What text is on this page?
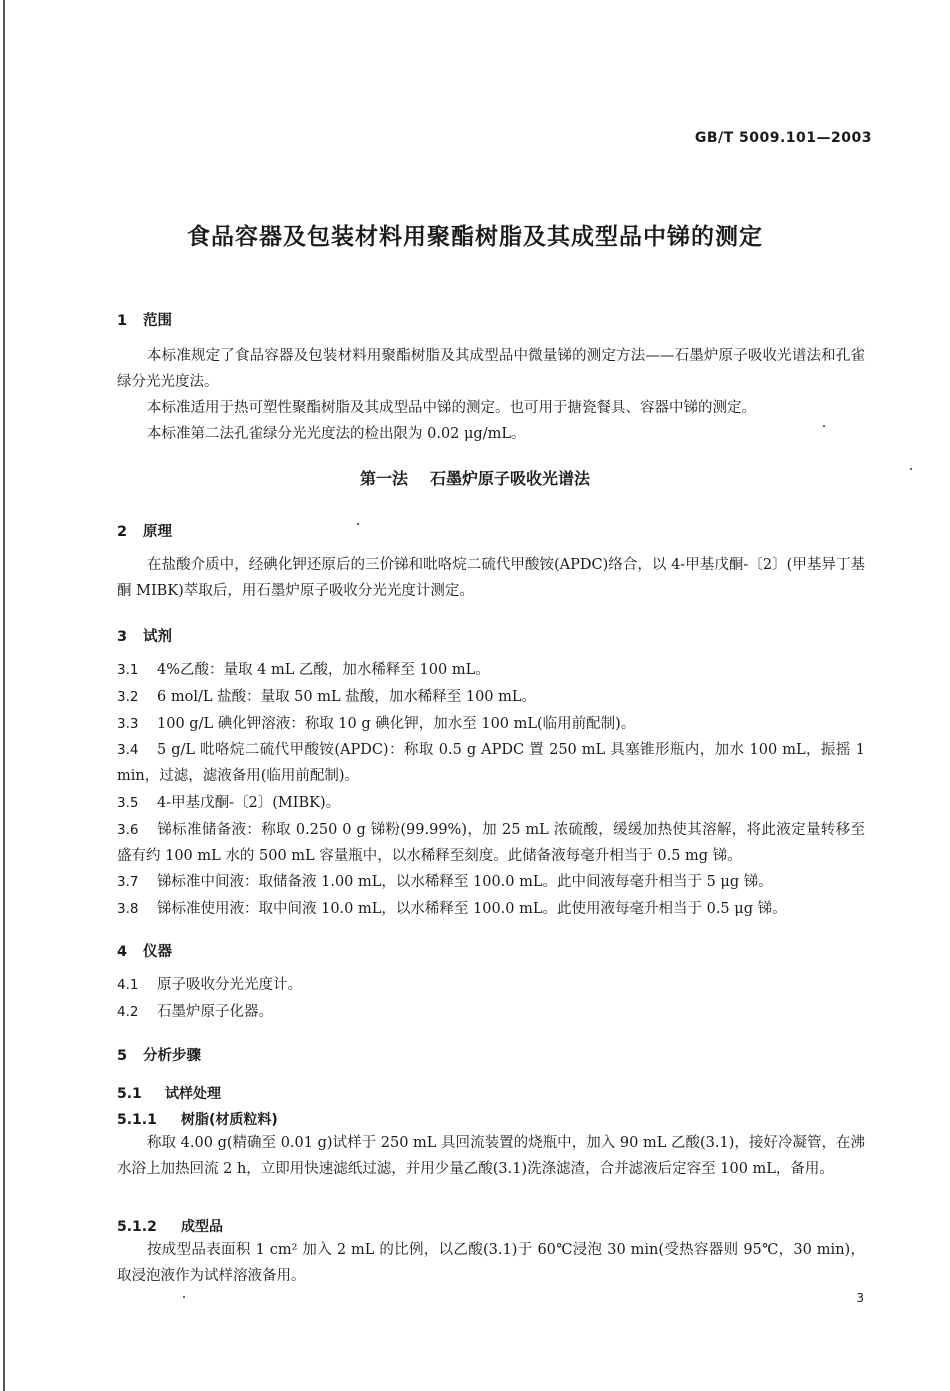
GB/T 5009.101—2003
食品容器及包装材料用聚酯树脂及其成型品中锑的测定
1 范围
本标准规定了食品容器及包装材料用聚酯树脂及其成型品中微量锑的测定方法——石墨炉原子吸收光谱法和孔雀绿分光光度法。
本标准适用于热可塑性聚酯树脂及其成型品中锑的测定。也可用于搪瓷餐具、容器中锑的测定。
本标准第二法孔雀绿分光光度法的检出限为 0.02 μg/mL。
第一法 石墨炉原子吸收光谱法
2 原理
在盐酸介质中，经碘化钾还原后的三价锑和吡咯烷二硫代甲酸铵(APDC)络合，以 4-甲基戊酮-〔2〕(甲基异丁基酮 MIBK)萃取后，用石墨炉原子吸收分光光度计测定。
3 试剂
3.1 4%乙酸：量取 4 mL 乙酸，加水稀释至 100 mL。
3.2 6 mol/L 盐酸：量取 50 mL 盐酸，加水稀释至 100 mL。
3.3 100 g/L 碘化钾溶液：称取 10 g 碘化钾，加水至 100 mL(临用前配制)。
3.4 5 g/L 吡咯烷二硫代甲酸铵(APDC)：称取 0.5 g APDC 置 250 mL 具塞锥形瓶内，加水 100 mL，振摇 1 min，过滤，滤液备用(临用前配制)。
3.5 4-甲基戊酮-〔2〕(MIBK)。
3.6 锑标准储备液：称取 0.250 0 g 锑粉(99.99%)，加 25 mL 浓硫酸，缓缓加热使其溶解，将此液定量转移至盛有约 100 mL 水的 500 mL 容量瓶中，以水稀释至刻度。此储备液每毫升相当于 0.5 mg 锑。
3.7 锑标准中间液：取储备液 1.00 mL，以水稀释至 100.0 mL。此中间液每毫升相当于 5 μg 锑。
3.8 锑标准使用液：取中间液 10.0 mL，以水稀释至 100.0 mL。此使用液每毫升相当于 0.5 μg 锑。
4 仪器
4.1 原子吸收分光光度计。
4.2 石墨炉原子化器。
5 分析步骤
5.1 试样处理
5.1.1 树脂(材质粒料)
称取 4.00 g(精确至 0.01 g)试样于 250 mL 具回流装置的烧瓶中，加入 90 mL 乙酸(3.1)，接好冷凝管，在沸水浴上加热回流 2 h，立即用快速滤纸过滤，并用少量乙酸(3.1)洗涤滤渣，合并滤液后定容至 100 mL，备用。
5.1.2 成型品
按成型品表面积 1 cm² 加入 2 mL 的比例，以乙酸(3.1)于 60℃浸泡 30 min(受热容器则 95℃，30 min)，取浸泡液作为试样溶液备用。
3
